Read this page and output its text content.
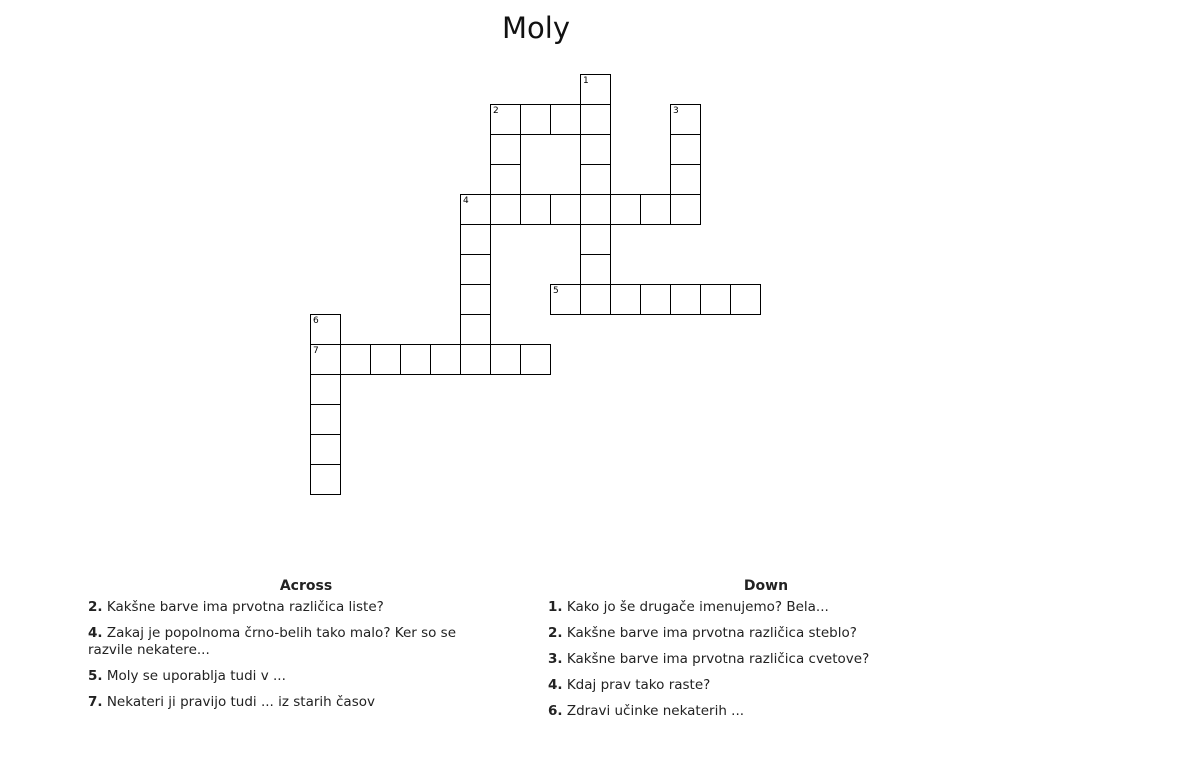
Moly
1
2	3
4
5
6
7
Across
2. Kakšne barve ima prvotna različica liste?
4. Zakaj je popolnoma črno-belih tako malo? Ker so se razvile nekatere...
5. Moly se uporablja tudi v ...
7. Nekateri ji pravijo tudi ... iz starih časov
Down
1. Kako jo še drugače imenujemo? Bela...
2. Kakšne barve ima prvotna različica steblo?
3. Kakšne barve ima prvotna različica cvetove?
4. Kdaj prav tako raste?
6. Zdravi učinke nekaterih ...
